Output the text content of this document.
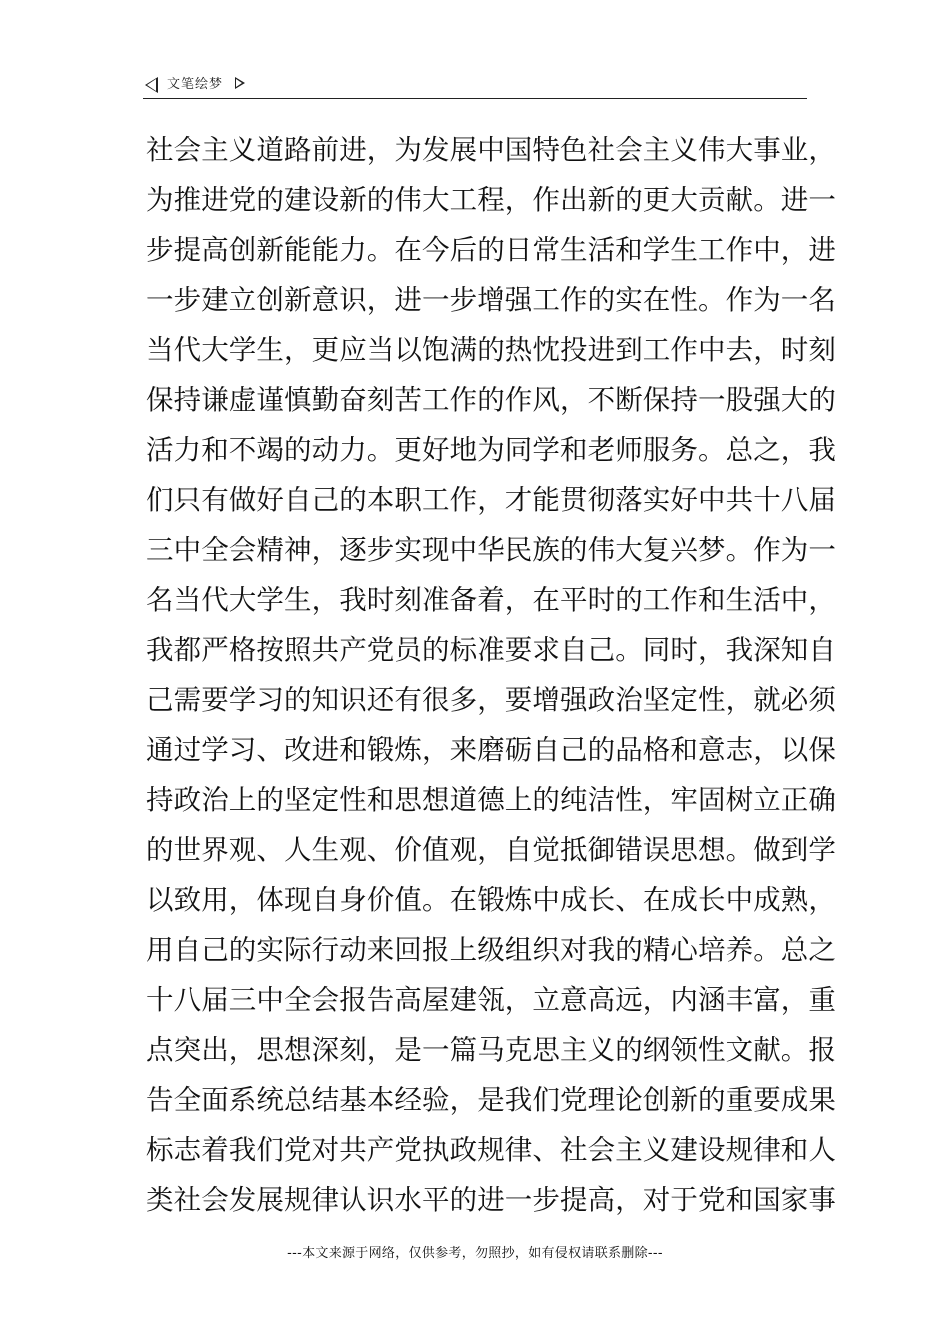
文笔绘梦
社会主义道路前进，为发展中国特色社会主义伟大事业，
为推进党的建设新的伟大工程，作出新的更大贡献。进一
步提高创新能能力。在今后的日常生活和学生工作中，进
一步建立创新意识，进一步增强工作的实在性。作为一名
当代大学生，更应当以饱满的热忱投进到工作中去，时刻
保持谦虚谨慎勤奋刻苦工作的作风，不断保持一股强大的
活力和不竭的动力。更好地为同学和老师服务。总之，我
们只有做好自己的本职工作，才能贯彻落实好中共十八届
三中全会精神，逐步实现中华民族的伟大复兴梦。作为一
名当代大学生，我时刻准备着，在平时的工作和生活中，
我都严格按照共产党员的标准要求自己。同时，我深知自
己需要学习的知识还有很多，要增强政治坚定性，就必须
通过学习、改进和锻炼，来磨砺自己的品格和意志，以保
持政治上的坚定性和思想道德上的纯洁性，牢固树立正确
的世界观、人生观、价值观，自觉抵御错误思想。做到学
以致用，体现自身价值。在锻炼中成长、在成长中成熟，
用自己的实际行动来回报上级组织对我的精心培养。总之
十八届三中全会报告高屋建瓴，立意高远，内涵丰富，重
点突出，思想深刻，是一篇马克思主义的纲领性文献。报
告全面系统总结基本经验，是我们党理论创新的重要成果
标志着我们党对共产党执政规律、社会主义建设规律和人
类社会发展规律认识水平的进一步提高，对于党和国家事
---本文来源于网络，仅供参考，勿照抄，如有侵权请联系删除---
